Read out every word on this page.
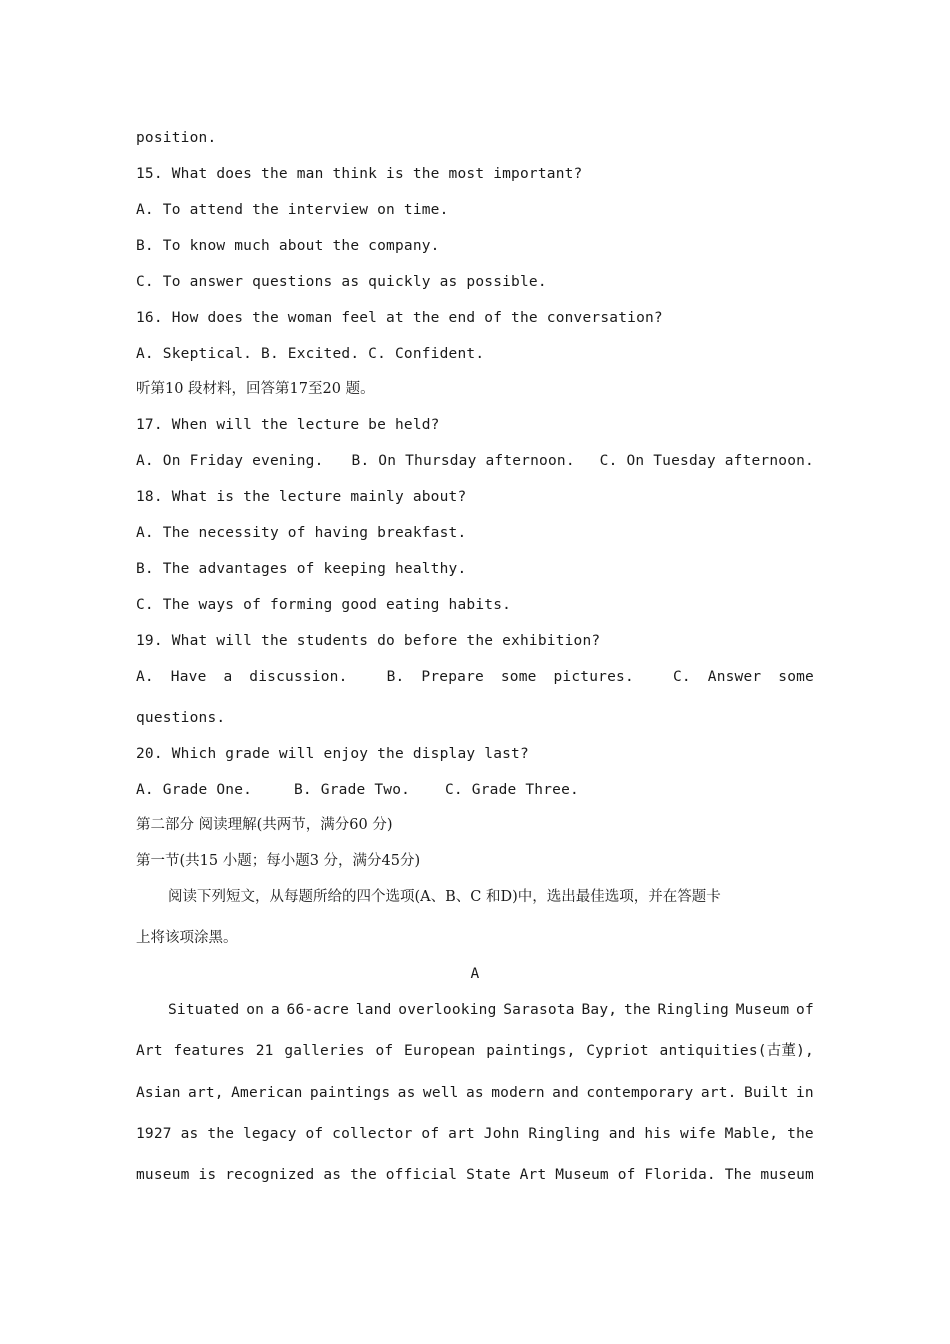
position.
15. What does the man think is the most important?
A. To attend the interview on time.
B. To know much about the company.
C. To answer questions as quickly as possible.
16. How does the woman feel at the end of the conversation?
A. Skeptical. B. Excited. C. Confident.
听第10 段材料，回答第17至20 题。
17. When will the lecture be held?
A. On Friday evening.	B. On Thursday afternoon.	C. On Tuesday afternoon.
18. What is the lecture mainly about?
A. The necessity of having breakfast.
B. The advantages of keeping healthy.
C. The ways of forming good eating habits.
19. What will the students do before the exhibition?
A. Have a discussion.	B. Prepare some pictures.	C. Answer some
questions.
20. Which grade will enjoy the display last?
A. Grade One.	B. Grade Two.	C. Grade Three.
第二部分 阅读理解(共两节，满分60 分)
第一节(共15 小题；每小题3 分，满分45分)
阅读下列短文，从每题所给的四个选项(A、B、C 和D)中，选出最佳选项，并在答题卡
上将该项涂黑。
A
Situated on a 66-acre land overlooking Sarasota Bay, the Ringling Museum of
Art features 21 galleries of European paintings, Cypriot antiquities(古董),
Asian art, American paintings as well as modern and contemporary art. Built in
1927 as the legacy of collector of art John Ringling and his wife Mable, the
museum is recognized as the official State Art Museum of Florida. The museum
